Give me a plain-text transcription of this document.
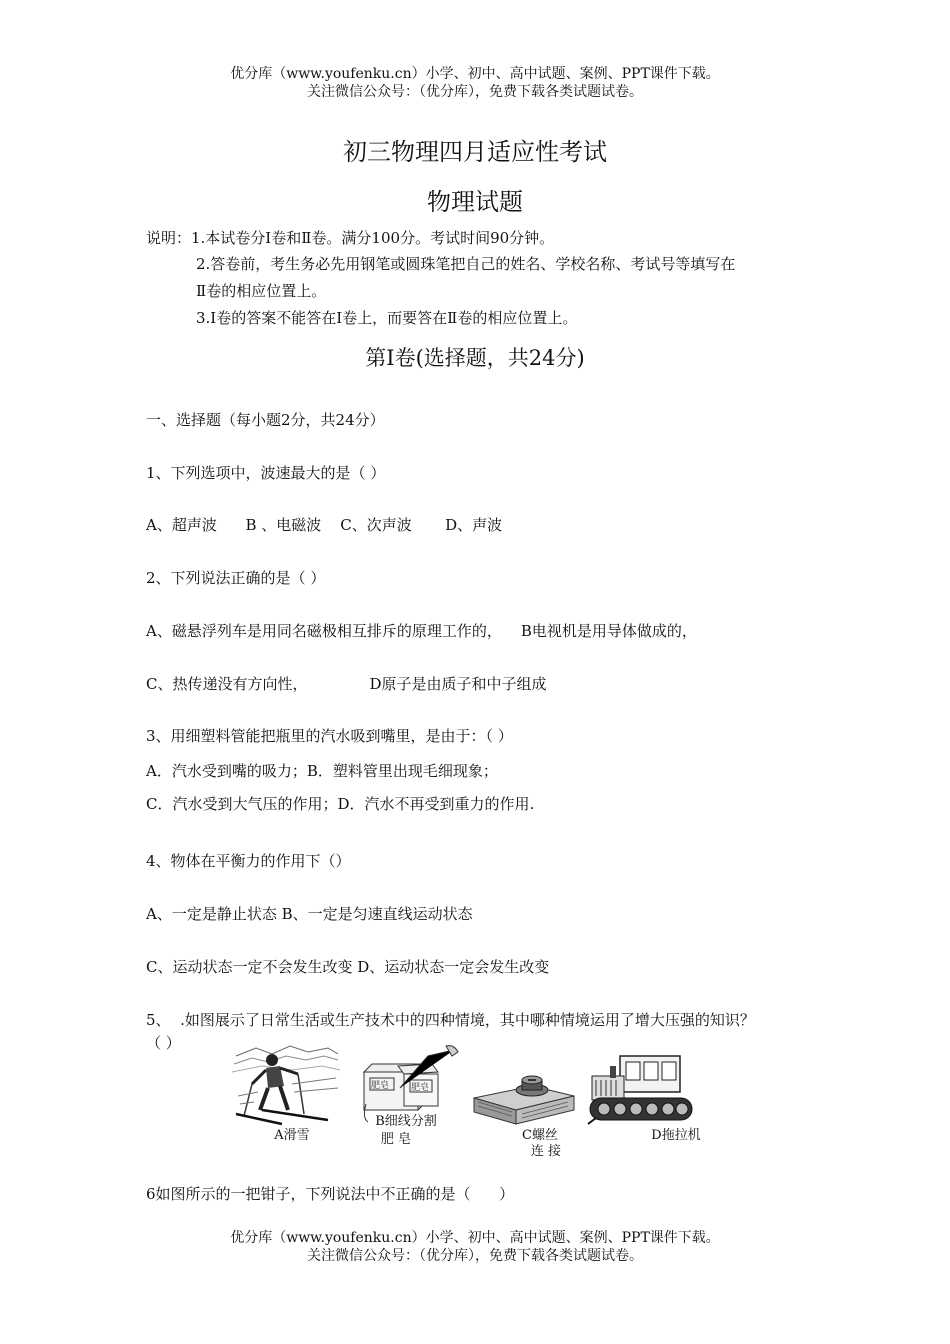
优分库（www.youfenku.cn）小学、初中、高中试题、案例、PPT课件下载。
关注微信公众号：（优分库），免费下载各类试题试卷。
初三物理四月适应性考试
物理试题
说明：1.本试卷分Ⅰ卷和Ⅱ卷。满分100分。考试时间90分钟。
2.答卷前，考生务必先用钢笔或圆珠笔把自己的姓名、学校名称、考试号等填写在
Ⅱ卷的相应位置上。
3.Ⅰ卷的答案不能答在Ⅰ卷上，而要答在Ⅱ卷的相应位置上。
第Ⅰ卷(选择题，共24分)
一、选择题（每小题2分，共24分）
1、下列选项中，波速最大的是（ ）
A、超声波      B 、电磁波    C、次声波       D、声波
2、下列说法正确的是（ ）
A、磁悬浮列车是用同名磁极相互排斥的原理工作的，    B电视机是用导体做成的，
C、热传递没有方向性，             D原子是由质子和中子组成
3、用细塑料管能把瓶里的汽水吸到嘴里，是由于：（ ）
A．汽水受到嘴的吸力；B．塑料管里出现毛细现象；
C．汽水受到大气压的作用；D．汽水不再受到重力的作用.
4、物体在平衡力的作用下（）
A、一定是静止状态 B、一定是匀速直线运动状态
C、运动状态一定不会发生改变 D、运动状态一定会发生改变
5、  .如图展示了日常生活或生产技术中的四种情境，其中哪种情境运用了增大压强的知识？
（ ）
肥皂 肥皂
A滑雪
B细线分割
肥 皂	C螺丝
连 接
D拖拉机
6如图所示的一把钳子，下列说法中不正确的是（      ）
优分库（www.youfenku.cn）小学、初中、高中试题、案例、PPT课件下载。
关注微信公众号：（优分库），免费下载各类试题试卷。
